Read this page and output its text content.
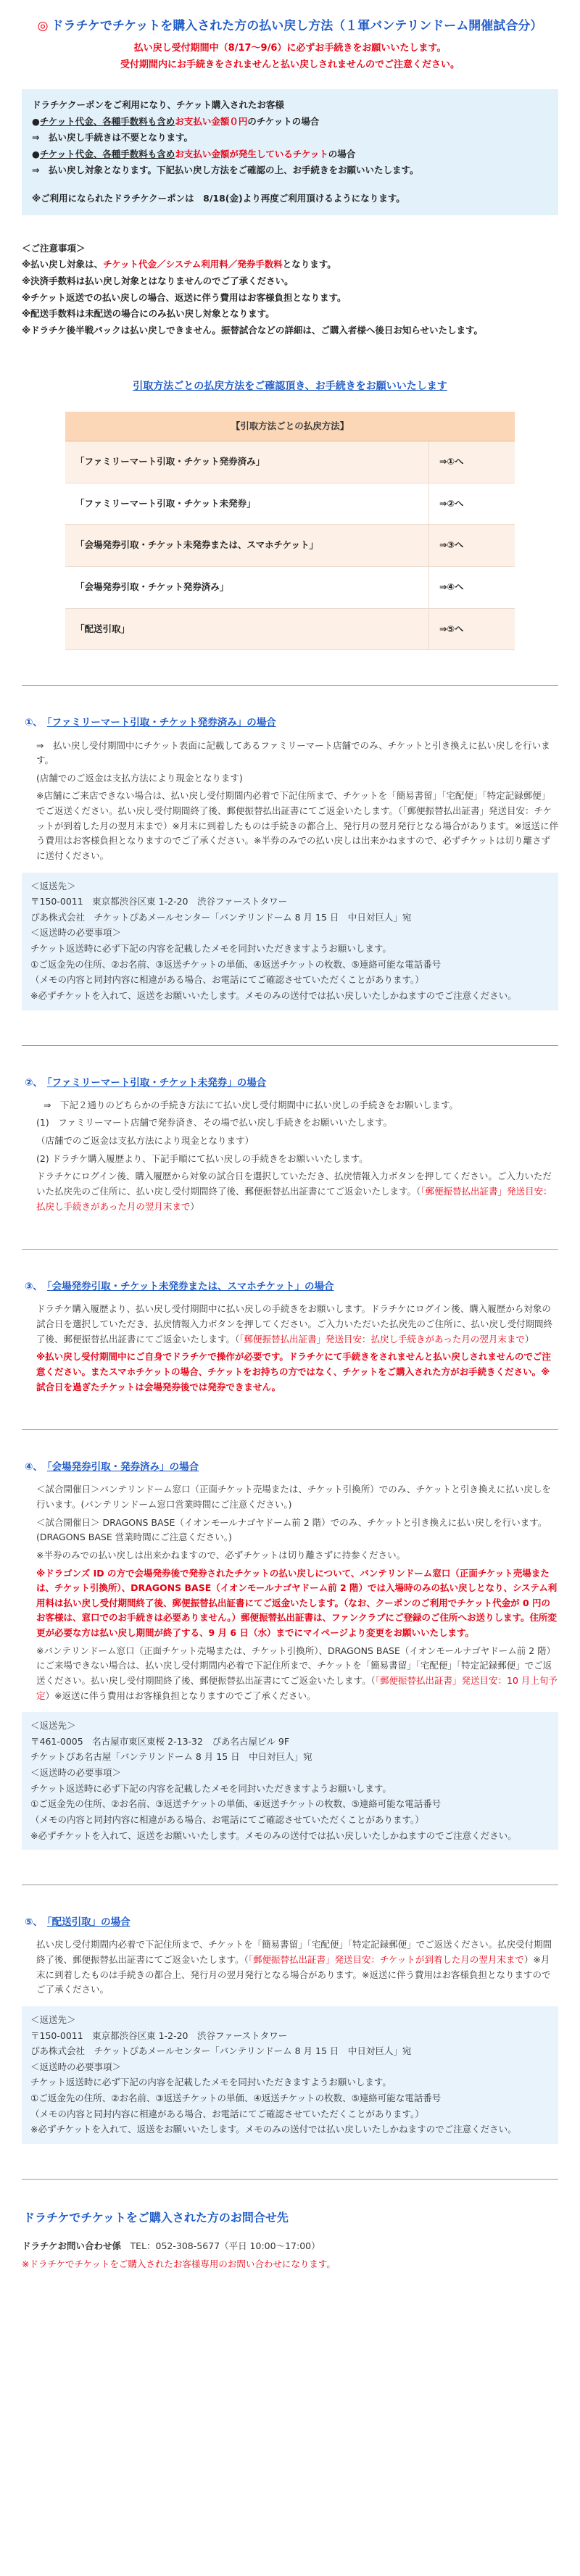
◎ ドラチケでチケットを購入された方の払い戻し方法（１軍バンテリンドーム開催試合分）
払い戻し受付期間中（8/17～9/6）に必ずお手続きをお願いいたします。
受付期間内にお手続きをされませんと払い戻しされませんのでご注意ください。

ドラチケクーポンをご利用になり、チケット購入されたお客様

●チケット代金、各種手数料も含めお支払い金額０円のチケットの場合

⇒　払い戻し手続きは不要となります。

●チケット代金、各種手数料も含めお支払い金額が発生しているチケットの場合

⇒　払い戻し対象となります。下記払い戻し方法をご確認の上、お手続きをお願いいたします。

※ご利用になられたドラチケクーポンは　8/18(金)より再度ご利用頂けるようになります。

＜ご注意事項＞

※払い戻し対象は、チケット代金／システム利用料／発券手数料となります。

※決済手数料は払い戻し対象とはなりませんのでご了承ください。

※チケット返送での払い戻しの場合、返送に伴う費用はお客様負担となります。

※配送手数料は未配送の場合にのみ払い戻し対象となります。

※ドラチケ後半戦パックは払い戻しできません。振替試合などの詳細は、ご購入者様へ後日お知らせいたします。

引取方法ごとの払戻方法をご確認頂き、お手続きをお願いいたします
【引取方法ごとの払戻方法】	
「ファミリーマート引取・チケット発券済み」	⇒①へ
「ファミリーマート引取・チケット未発券」	⇒②へ
「会場発券引取・チケット未発券または、スマホチケット」	⇒③へ
「会場発券引取・チケット発券済み」	⇒④へ
「配送引取」	⇒⑤へ
①、 「ファミリーマート引取・チケット発券済み」の場合

⇒　払い戻し受付期間中にチケット表面に記載してあるファミリーマート店舗でのみ、チケットと引き換えに払い戻しを行います。

(店舗でのご返金は支払方法により現金となります)

※店舗にご来店できない場合は、払い戻し受付期間内必着で下記住所まで、チケットを「簡易書留」「宅配便」「特定記録郵便」でご返送ください。払い戻し受付期間終了後、郵便振替払出証書にてご返金いたします。（「郵便振替払出証書」発送目安：チケットが到着した月の翌月末まで）※月末に到着したものは手続きの都合上、発行月の翌月発行となる場合があります。※返送に伴う費用はお客様負担となりますのでご了承ください。※半券のみでの払い戻しは出来かねますので、必ずチケットは切り離さずに送付ください。

＜返送先＞

〒150-0011　東京都渋谷区東 1-2-20　渋谷ファーストタワー

ぴあ株式会社　チケットぴあメールセンター「バンテリンドーム 8 月 15 日　中日対巨人」宛

＜返送時の必要事項＞

チケット返送時に必ず下記の内容を記載したメモを同封いただきますようお願いします。

①ご返金先の住所、②お名前、③返送チケットの単価、④返送チケットの枚数、⑤連絡可能な電話番号

（メモの内容と同封内容に相違がある場合、お電話にてご確認させていただくことがあります。）

※必ずチケットを入れて、返送をお願いいたします。メモのみの送付では払い戻しいたしかねますのでご注意ください。

②、 「ファミリーマート引取・チケット未発券」の場合

⇒　下記２通りのどちらかの手続き方法にて払い戻し受付期間中に払い戻しの手続きをお願いします。

(1)　ファミリーマート店舗で発券済き、その場で払い戻し手続きをお願いいたします。

（店舗でのご返金は支払方法により現金となります）

(2) ドラチケ購入履歴より、下記手順にて払い戻しの手続きをお願いいたします。

ドラチケにログイン後、購入履歴から対象の試合日を選択していただき、払戻情報入力ボタンを押してください。ご入力いただいた払戻先のご住所に、払い戻し受付期間終了後、郵便振替払出証書にてご返金いたします。（「郵便振替払出証書」発送目安：払戻し手続きがあった月の翌月末まで）

③、 「会場発券引取・チケット未発券または、スマホチケット」の場合

ドラチケ購入履歴より、払い戻し受付期間中に払い戻しの手続きをお願いします。ドラチケにログイン後、購入履歴から対象の試合日を選択していただき、払戻情報入力ボタンを押してください。ご入力いただいた払戻先のご住所に、払い戻し受付期間終了後、郵便振替払出証書にてご返金いたします。（「郵便振替払出証書」発送目安：払戻し手続きがあった月の翌月末まで）

※払い戻し受付期間中にご自身でドラチケで操作が必要です。ドラチケにて手続きをされませんと払い戻しされませんのでご注意ください。またスマホチケットの場合、チケットをお持ちの方ではなく、チケットをご購入された方がお手続きください。※試合日を過ぎたチケットは会場発券後では発券できません。

④、 「会場発券引取・発券済み」の場合

＜試合開催日＞バンテリンドーム窓口（正面チケット売場または、チケット引換所）でのみ、チケットと引き換えに払い戻しを行います。(バンテリンドーム窓口営業時間にご注意ください。)

＜試合開催日＞ DRAGONS BASE（イオンモールナゴヤドーム前 2 階）でのみ、チケットと引き換えに払い戻しを行います。(DRAGONS BASE 営業時間にご注意ください。)

※半券のみでの払い戻しは出来かねますので、必ずチケットは切り離さずに持参ください。

※ドラゴンズ ID の方で会場発券後で発券されたチケットの払い戻しについて、バンテリンドーム窓口（正面チケット売場または、チケット引換所）、DRAGONS BASE（イオンモールナゴヤドーム前 2 階）では入場時のみの払い戻しとなり、システム利用料は払い戻し受付期間終了後、郵便振替払出証書にてご返金いたします。（なお、クーポンのご利用でチケット代金が 0 円のお客様は、窓口でのお手続きは必要ありません。）郵便振替払出証書は、ファンクラブにご登録のご住所へお送りします。住所変更が必要な方は払い戻し期間が終了する、9 月 6 日（水）までにマイページより変更をお願いいたします。

※バンテリンドーム窓口（正面チケット売場または、チケット引換所）、DRAGONS BASE（イオンモールナゴヤドーム前 2 階）にご来場できない場合は、払い戻し受付期間内必着で下記住所まで、チケットを「簡易書留」「宅配便」「特定記録郵便」でご返送ください。払い戻し受付期間終了後、郵便振替払出証書にてご返金いたします。（「郵便振替払出証書」発送目安：10 月上旬予定）※返送に伴う費用はお客様負担となりますのでご了承ください。

＜返送先＞

〒461-0005　名古屋市東区東桜 2-13-32　ぴあ名古屋ビル 9F

チケットぴあ名古屋「バンテリンドーム 8 月 15 日　中日対巨人」宛

＜返送時の必要事項＞

チケット返送時に必ず下記の内容を記載したメモを同封いただきますようお願いします。

①ご返金先の住所、②お名前、③返送チケットの単価、④返送チケットの枚数、⑤連絡可能な電話番号

（メモの内容と同封内容に相違がある場合、お電話にてご確認させていただくことがあります。）

※必ずチケットを入れて、返送をお願いいたします。メモのみの送付では払い戻しいたしかねますのでご注意ください。

⑤、 「配送引取」の場合

払い戻し受付期間内必着で下記住所まで、チケットを「簡易書留」「宅配便」「特定記録郵便」でご返送ください。払戻受付期間終了後、郵便振替払出証書にてご返金いたします。（「郵便振替払出証書」発送目安：チケットが到着した月の翌月末まで）※月末に到着したものは手続きの都合上、発行月の翌月発行となる場合があります。※返送に伴う費用はお客様負担となりますのでご了承ください。

＜返送先＞

〒150-0011　東京都渋谷区東 1-2-20　渋谷ファーストタワー

ぴあ株式会社　チケットぴあメールセンター「バンテリンドーム 8 月 15 日　中日対巨人」宛

＜返送時の必要事項＞

チケット返送時に必ず下記の内容を記載したメモを同封いただきますようお願いします。

①ご返金先の住所、②お名前、③返送チケットの単価、④返送チケットの枚数、⑤連絡可能な電話番号

（メモの内容と同封内容に相違がある場合、お電話にてご確認させていただくことがあります。）

※必ずチケットを入れて、返送をお願いいたします。メモのみの送付では払い戻しいたしかねますのでご注意ください。

ドラチケでチケットをご購入された方のお問合せ先

ドラチケお問い合わせ係　 TEL：052-308-5677（平日 10:00～17:00）

※ドラチケでチケットをご購入されたお客様専用のお問い合わせになります。
